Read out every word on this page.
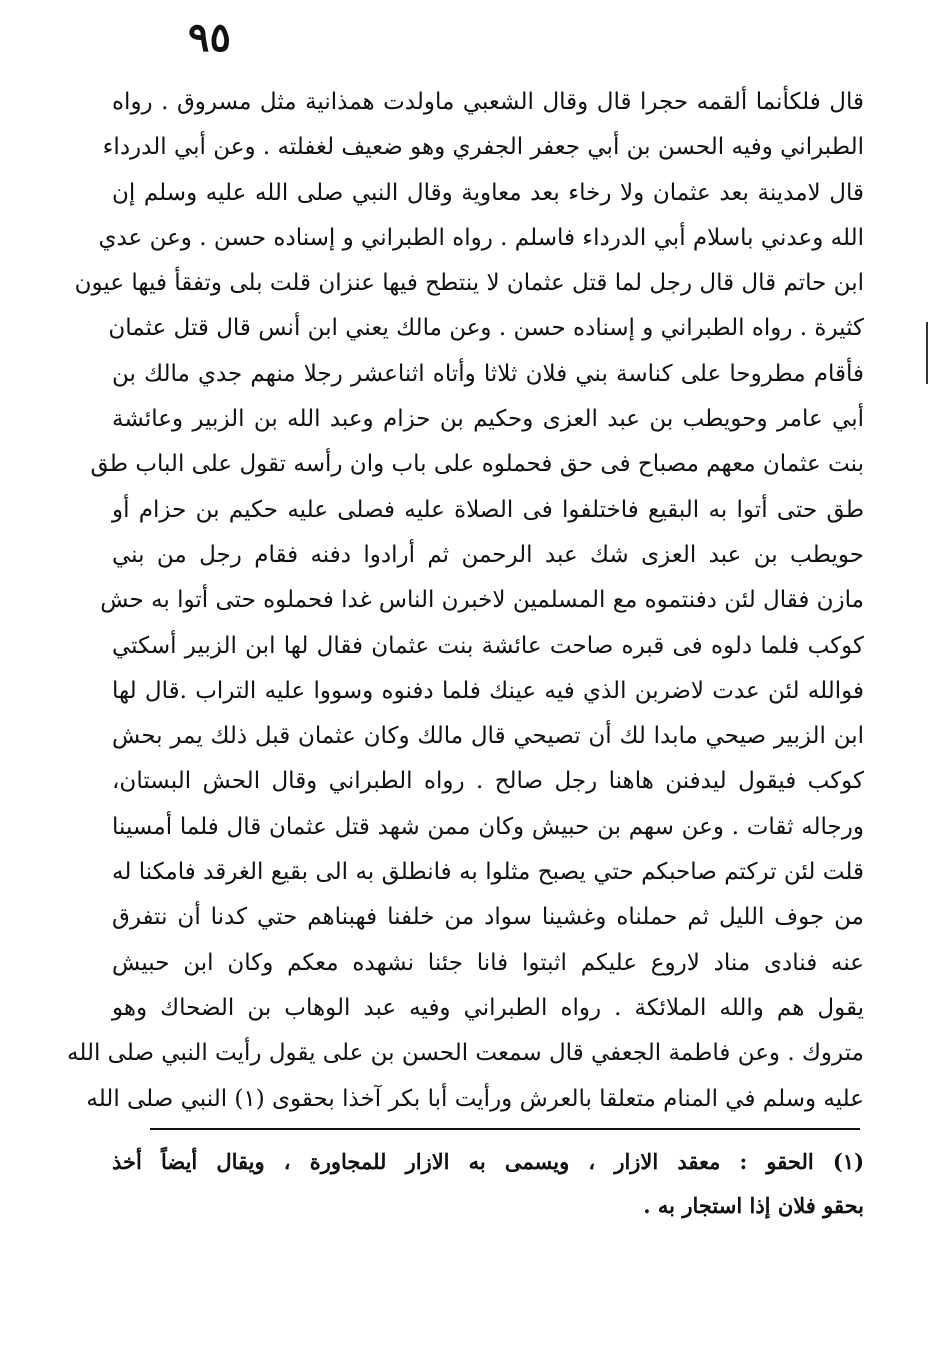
٩٥
قال فلكأنما ألقمه حجرا قال وقال الشعبي ماولدت همذانية مثل مسروق . رواه
الطبراني وفيه الحسن بن أبي جعفر الجفري وهو ضعيف لغفلته . وعن أبي الدرداء
قال لامدينة بعد عثمان ولا رخاء بعد معاوية وقال النبي صلى الله عليه وسلم إن
الله وعدني باسلام أبي الدرداء فاسلم . رواه الطبراني و إسناده حسن . وعن عدي
ابن حاتم قال قال رجل لما قتل عثمان لا ينتطح فيها عنزان قلت بلى وتفقأ فيها عيون
كثيرة . رواه الطبراني و إسناده حسن . وعن مالك يعني ابن أنس قال قتل عثمان
فأقام مطروحا على كناسة بني فلان ثلاثا وأتاه اثناعشر رجلا منهم جدي مالك بن
أبي عامر وحويطب بن عبد العزى وحكيم بن حزام وعبد الله بن الزبير وعائشة
بنت عثمان معهم مصباح فى حق فحملوه على باب وان رأسه تقول على الباب طق
طق حتى أتوا به البقيع فاختلفوا فى الصلاة عليه فصلى عليه حكيم بن حزام أو
حويطب بن عبد العزى شك عبد الرحمن ثم أرادوا دفنه فقام رجل من بني
مازن فقال لئن دفنتموه مع المسلمين لاخبرن الناس غدا فحملوه حتى أتوا به حش
كوكب فلما دلوه فى قبره صاحت عائشة بنت عثمان فقال لها ابن الزبير أسكتي
فوالله لئن عدت لاضربن الذي فيه عينك فلما دفنوه وسووا عليه التراب .قال لها
ابن الزبير صيحي مابدا لك أن تصيحي قال مالك وكان عثمان قبل ذلك يمر بحش
كوكب فيقول ليدفنن هاهنا رجل صالح . رواه الطبراني وقال الحش البستان،
ورجاله ثقات . وعن سهم بن حبيش وكان ممن شهد قتل عثمان قال فلما أمسينا
قلت لئن تركتم صاحبكم حتي يصبح مثلوا به فانطلق به الى بقيع الغرقد فامكنا له
من جوف الليل ثم حملناه وغشينا سواد من خلفنا فهبناهم حتي كدنا أن نتفرق
عنه فنادى مناد لاروع عليكم اثبتوا فانا جئنا نشهده معكم وكان ابن حبيش
يقول هم والله الملائكة . رواه الطبراني وفيه عبد الوهاب بن الضحاك وهو
متروك . وعن فاطمة الجعفي قال سمعت الحسن بن على يقول رأيت النبي صلى الله
عليه وسلم في المنام متعلقا بالعرش ورأيت أبا بكر آخذا بحقوى (١) النبي صلى الله
(١) الحقو : معقد الازار ، ويسمى به الازار للمجاورة ، ويقال أيضاً أخذ
بحقو فلان إذا استجار به .
